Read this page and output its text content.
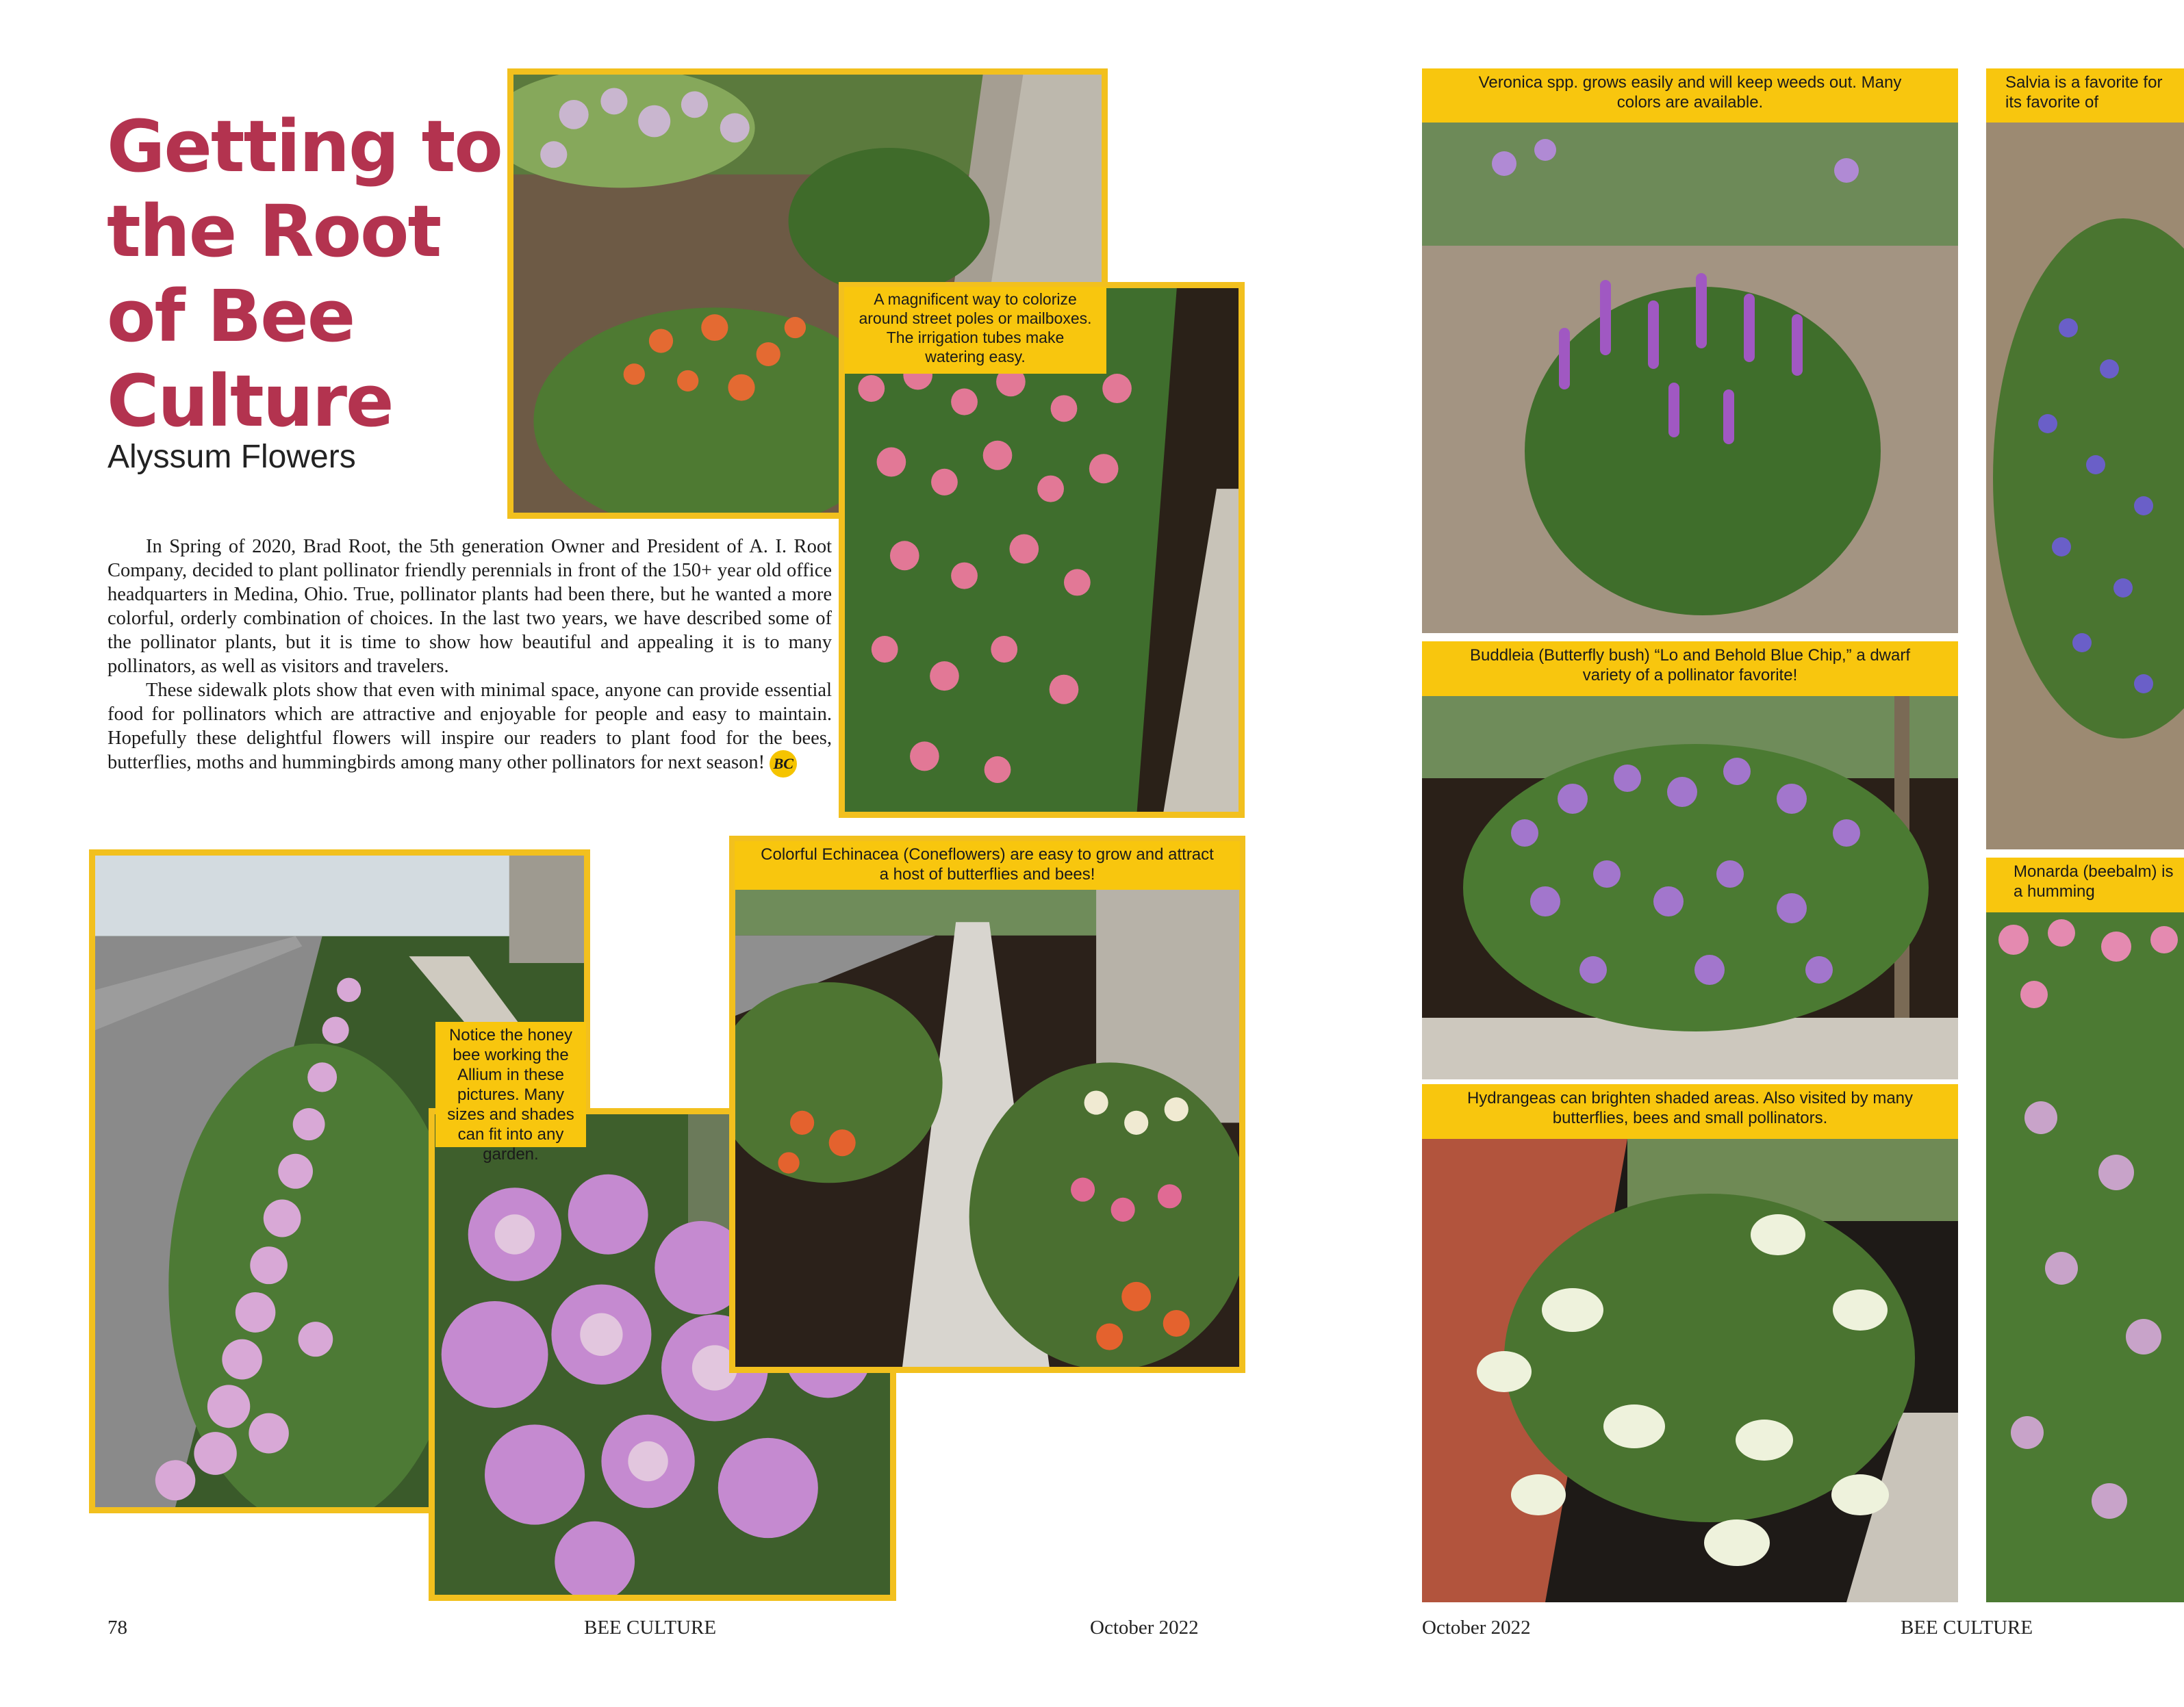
Getting to
the Root
of Bee
Culture
Alyssum Flowers
A magnificent way to colorize around street poles or mailboxes. The irrigation tubes make watering easy.

In Spring of 2020, Brad Root, the 5th generation Owner and President of A. I. Root Company, decided to plant pollinator friendly perennials in front of the 150+ year old office headquarters in Medina, Ohio. True, pollinator plants had been there, but he wanted a more colorful, orderly combination of choices. In the last two years, we have described some of the pollinator plants, but it is time to show how beautiful and appealing it is to many pollinators, as well as visitors and travelers.

These sidewalk plots show that even with minimal space, anyone can provide essential food for pollinators which are attractive and enjoyable for people and easy to maintain. Hopefully these delightful flowers will inspire our readers to plant food for the bees, butterflies, moths and hummingbirds among many other pollinators for next season! BC

Notice the honey bee working the Allium in these pictures. Many sizes and shades can fit into any garden.
Colorful Echinacea (Coneflowers) are easy to grow and attract a host of butterflies and bees!
78	BEE CULTURE	October 2022
Veronica spp. grows easily and will keep weeds out. Many colors are available.
Buddleia (Butterfly bush) “Lo and Behold Blue Chip,” a dwarf variety of a pollinator favorite!
Hydrangeas can brighten shaded areas. Also visited by many butterflies, bees and small pollinators.
Salvia is a favorite for its favorite of
Monarda (beebalm) is a humming
October 2022	BEE CULTURE
